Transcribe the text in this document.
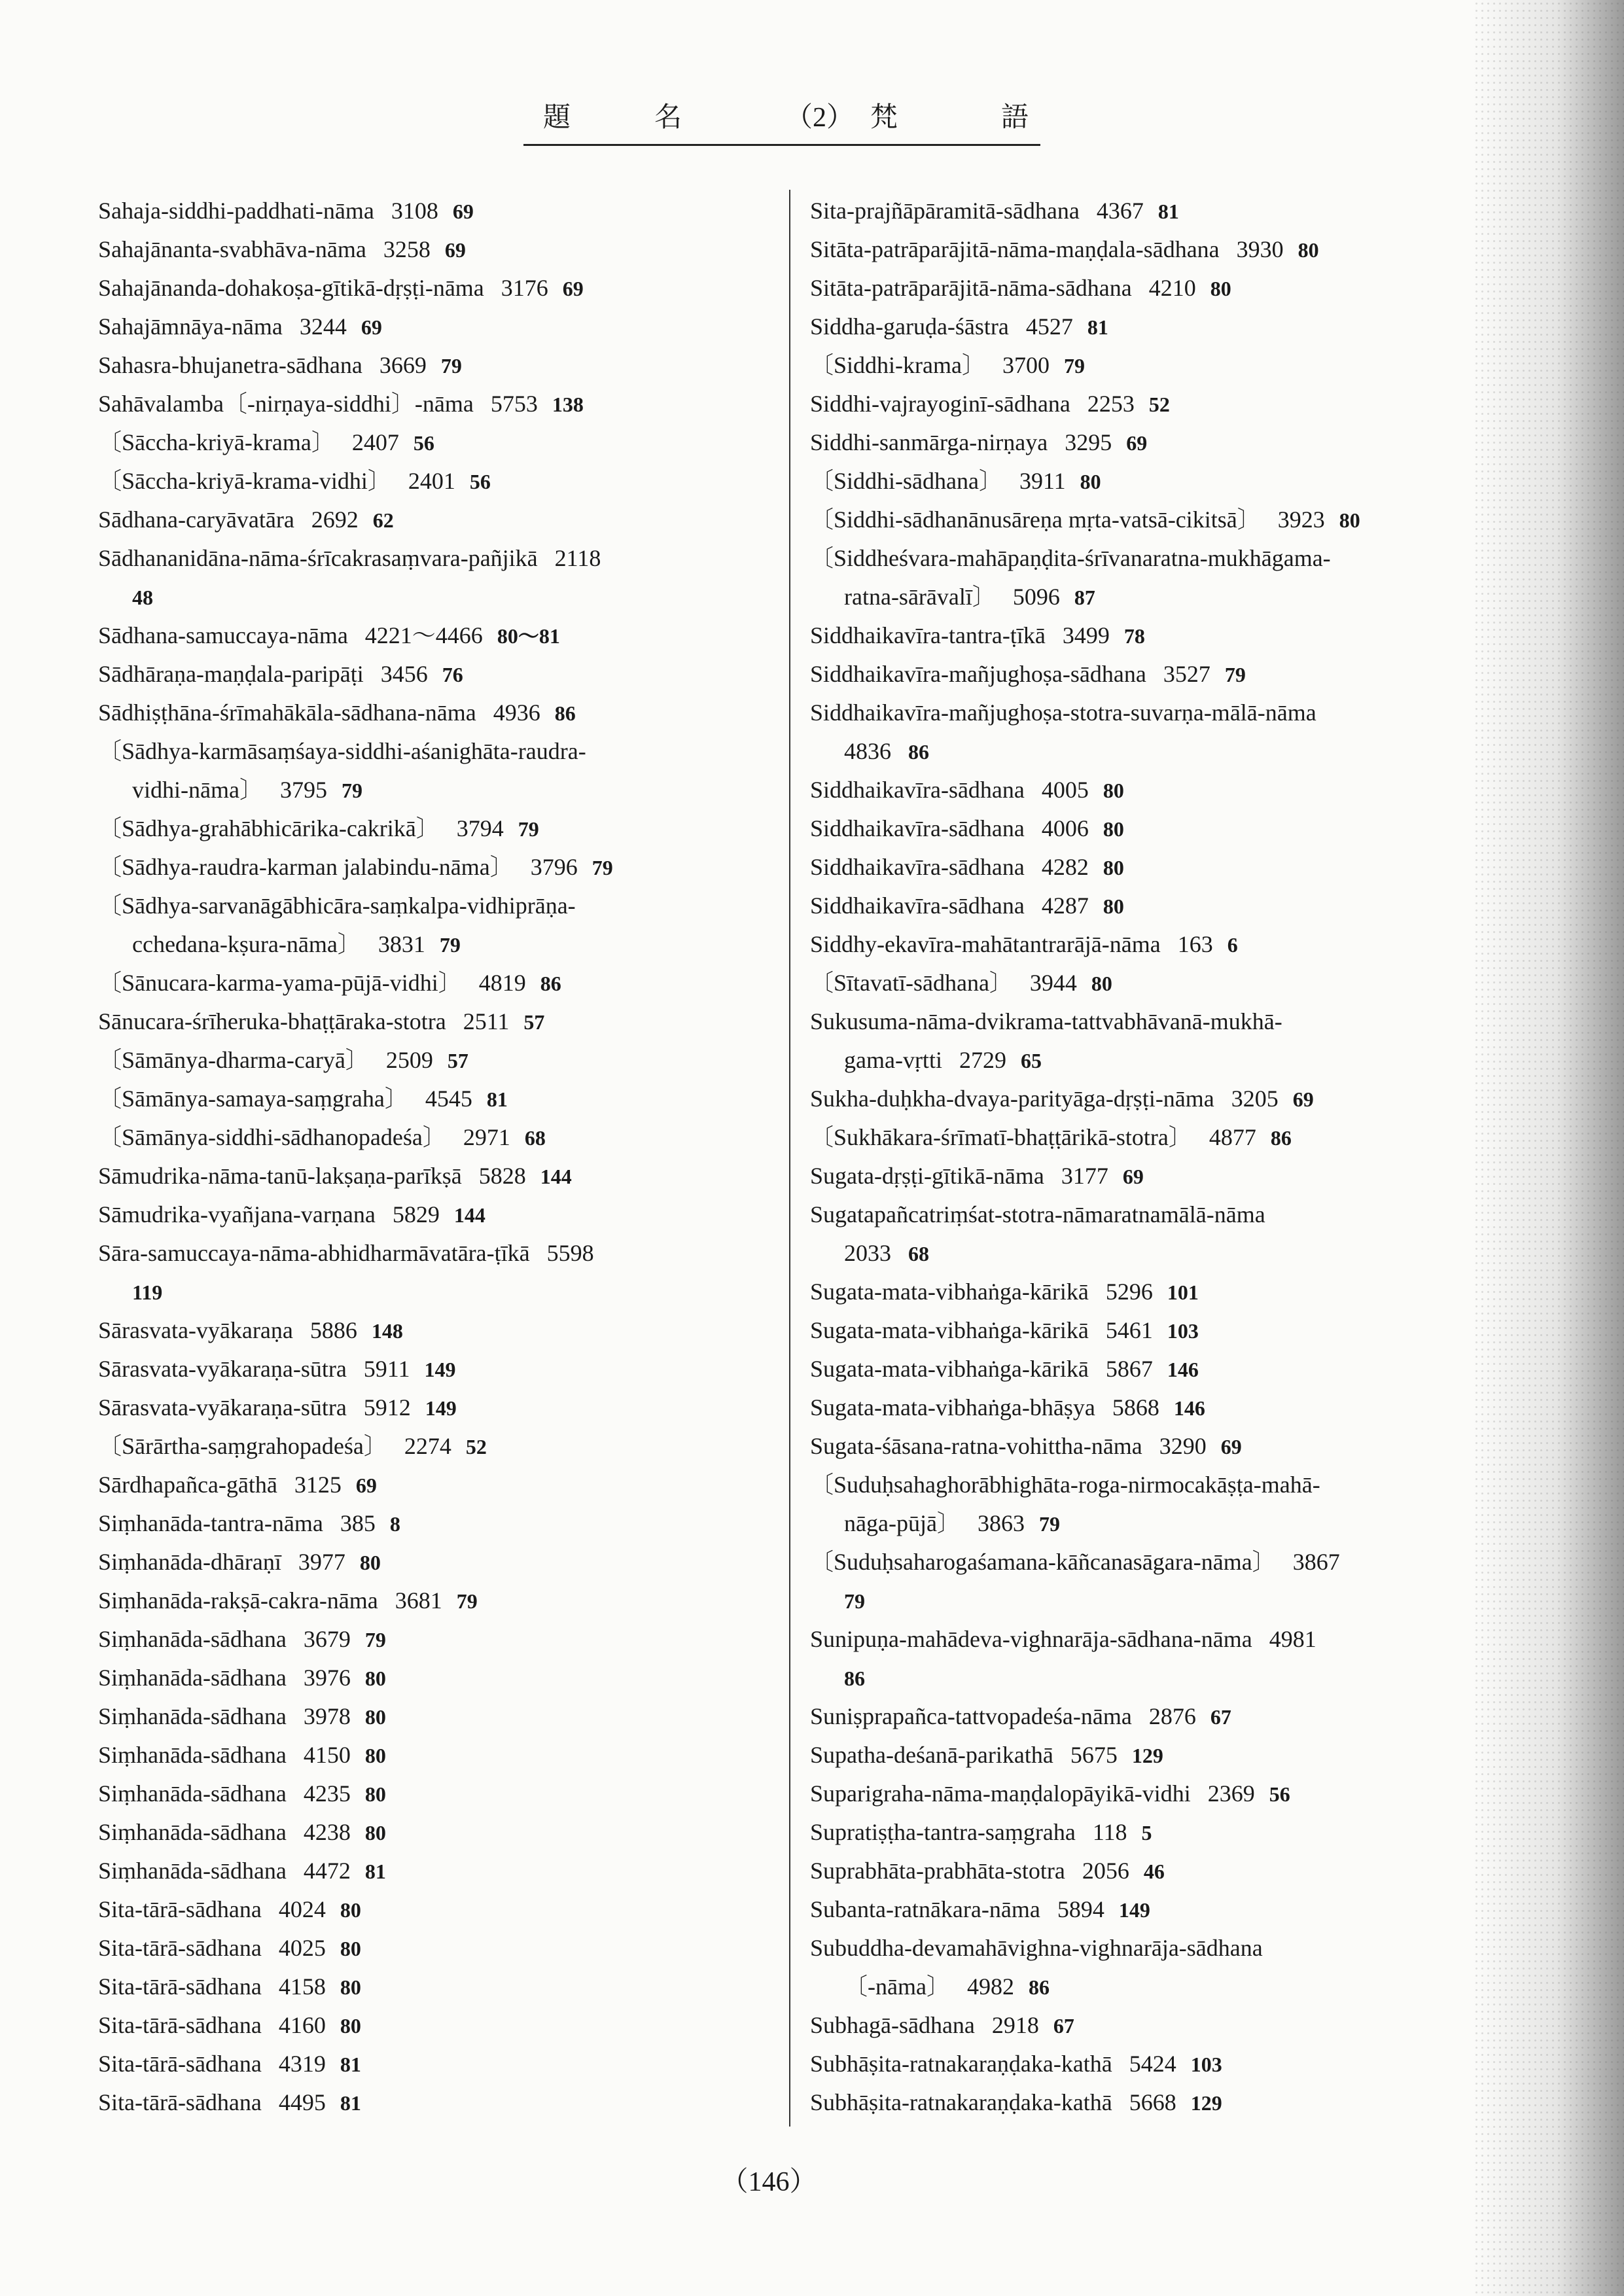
題	名	（2） 梵	語
Sahaja-siddhi-paddhati-nāma 3108 69
Sahajānanta-svabhāva-nāma 3258 69
Sahajānanda-dohakoṣa-gītikā-dṛṣṭi-nāma 3176 69
Sahajāmnāya-nāma 3244 69
Sahasra-bhujanetra-sādhana 3669 79
Sahāvalamba〔-nirṇaya-siddhi〕-nāma 5753 138
〔Sāccha-kriyā-krama〕 2407 56
〔Sāccha-kriyā-krama-vidhi〕 2401 56
Sādhana-caryāvatāra 2692 62
Sādhananidāna-nāma-śrīcakrasaṃvara-pañjikā 2118
48
Sādhana-samuccaya-nāma 4221～4466 80～81
Sādhāraṇa-maṇḍala-paripāṭi 3456 76
Sādhiṣṭhāna-śrīmahākāla-sādhana-nāma 4936 86
〔Sādhya-karmāsaṃśaya-siddhi-aśanighāta-raudra-
vidhi-nāma〕 3795 79
〔Sādhya-grahābhicārika-cakrikā〕 3794 79
〔Sādhya-raudra-karman jalabindu-nāma〕 3796 79
〔Sādhya-sarvanāgābhicāra-saṃkalpa-vidhiprāṇa-
cchedana-kṣura-nāma〕 3831 79
〔Sānucara-karma-yama-pūjā-vidhi〕 4819 86
Sānucara-śrīheruka-bhaṭṭāraka-stotra 2511 57
〔Sāmānya-dharma-caryā〕 2509 57
〔Sāmānya-samaya-saṃgraha〕 4545 81
〔Sāmānya-siddhi-sādhanopadeśa〕 2971 68
Sāmudrika-nāma-tanū-lakṣaṇa-parīkṣā 5828 144
Sāmudrika-vyañjana-varṇana 5829 144
Sāra-samuccaya-nāma-abhidharmāvatāra-ṭīkā 5598
119
Sārasvata-vyākaraṇa 5886 148
Sārasvata-vyākaraṇa-sūtra 5911 149
Sārasvata-vyākaraṇa-sūtra 5912 149
〔Sārārtha-saṃgrahopadeśa〕 2274 52
Sārdhapañca-gāthā 3125 69
Siṃhanāda-tantra-nāma 385 8
Siṃhanāda-dhāraṇī 3977 80
Siṃhanāda-rakṣā-cakra-nāma 3681 79
Siṃhanāda-sādhana 3679 79
Siṃhanāda-sādhana 3976 80
Siṃhanāda-sādhana 3978 80
Siṃhanāda-sādhana 4150 80
Siṃhanāda-sādhana 4235 80
Siṃhanāda-sādhana 4238 80
Siṃhanāda-sādhana 4472 81
Sita-tārā-sādhana 4024 80
Sita-tārā-sādhana 4025 80
Sita-tārā-sādhana 4158 80
Sita-tārā-sādhana 4160 80
Sita-tārā-sādhana 4319 81
Sita-tārā-sādhana 4495 81
Sita-prajñāpāramitā-sādhana 4367 81
Sitāta-patrāparājitā-nāma-maṇḍala-sādhana 3930 80
Sitāta-patrāparājitā-nāma-sādhana 4210 80
Siddha-garuḍa-śāstra 4527 81
〔Siddhi-krama〕 3700 79
Siddhi-vajrayoginī-sādhana 2253 52
Siddhi-sanmārga-nirṇaya 3295 69
〔Siddhi-sādhana〕 3911 80
〔Siddhi-sādhanānusāreṇa mṛta-vatsā-cikitsā〕 3923 80
〔Siddheśvara-mahāpaṇḍita-śrīvanaratna-mukhāgama-
ratna-sārāvalī〕 5096 87
Siddhaikavīra-tantra-ṭīkā 3499 78
Siddhaikavīra-mañjughoṣa-sādhana 3527 79
Siddhaikavīra-mañjughoṣa-stotra-suvarṇa-mālā-nāma
4836 86
Siddhaikavīra-sādhana 4005 80
Siddhaikavīra-sādhana 4006 80
Siddhaikavīra-sādhana 4282 80
Siddhaikavīra-sādhana 4287 80
Siddhy-ekavīra-mahātantrarājā-nāma 163 6
〔Sītavatī-sādhana〕 3944 80
Sukusuma-nāma-dvikrama-tattvabhāvanā-mukhā-
gama-vṛtti 2729 65
Sukha-duḥkha-dvaya-parityāga-dṛṣṭi-nāma 3205 69
〔Sukhākara-śrīmatī-bhaṭṭārikā-stotra〕 4877 86
Sugata-dṛṣṭi-gītikā-nāma 3177 69
Sugatapañcatriṃśat-stotra-nāmaratnamālā-nāma
2033 68
Sugata-mata-vibhaṅga-kārikā 5296 101
Sugata-mata-vibhaṅga-kārikā 5461 103
Sugata-mata-vibhaṅga-kārikā 5867 146
Sugata-mata-vibhaṅga-bhāṣya 5868 146
Sugata-śāsana-ratna-vohittha-nāma 3290 69
〔Suduḥsahaghorābhighāta-roga-nirmocakāṣṭa-mahā-
nāga-pūjā〕 3863 79
〔Suduḥsaharogaśamana-kāñcanasāgara-nāma〕 3867
79
Sunipuṇa-mahādeva-vighnarāja-sādhana-nāma 4981
86
Suniṣprapañca-tattvopadeśa-nāma 2876 67
Supatha-deśanā-parikathā 5675 129
Suparigraha-nāma-maṇḍalopāyikā-vidhi 2369 56
Supratiṣṭha-tantra-saṃgraha 118 5
Suprabhāta-prabhāta-stotra 2056 46
Subanta-ratnākara-nāma 5894 149
Subuddha-devamahāvighna-vighnarāja-sādhana
〔-nāma〕 4982 86
Subhagā-sādhana 2918 67
Subhāṣita-ratnakaraṇḍaka-kathā 5424 103
Subhāṣita-ratnakaraṇḍaka-kathā 5668 129
（146）
